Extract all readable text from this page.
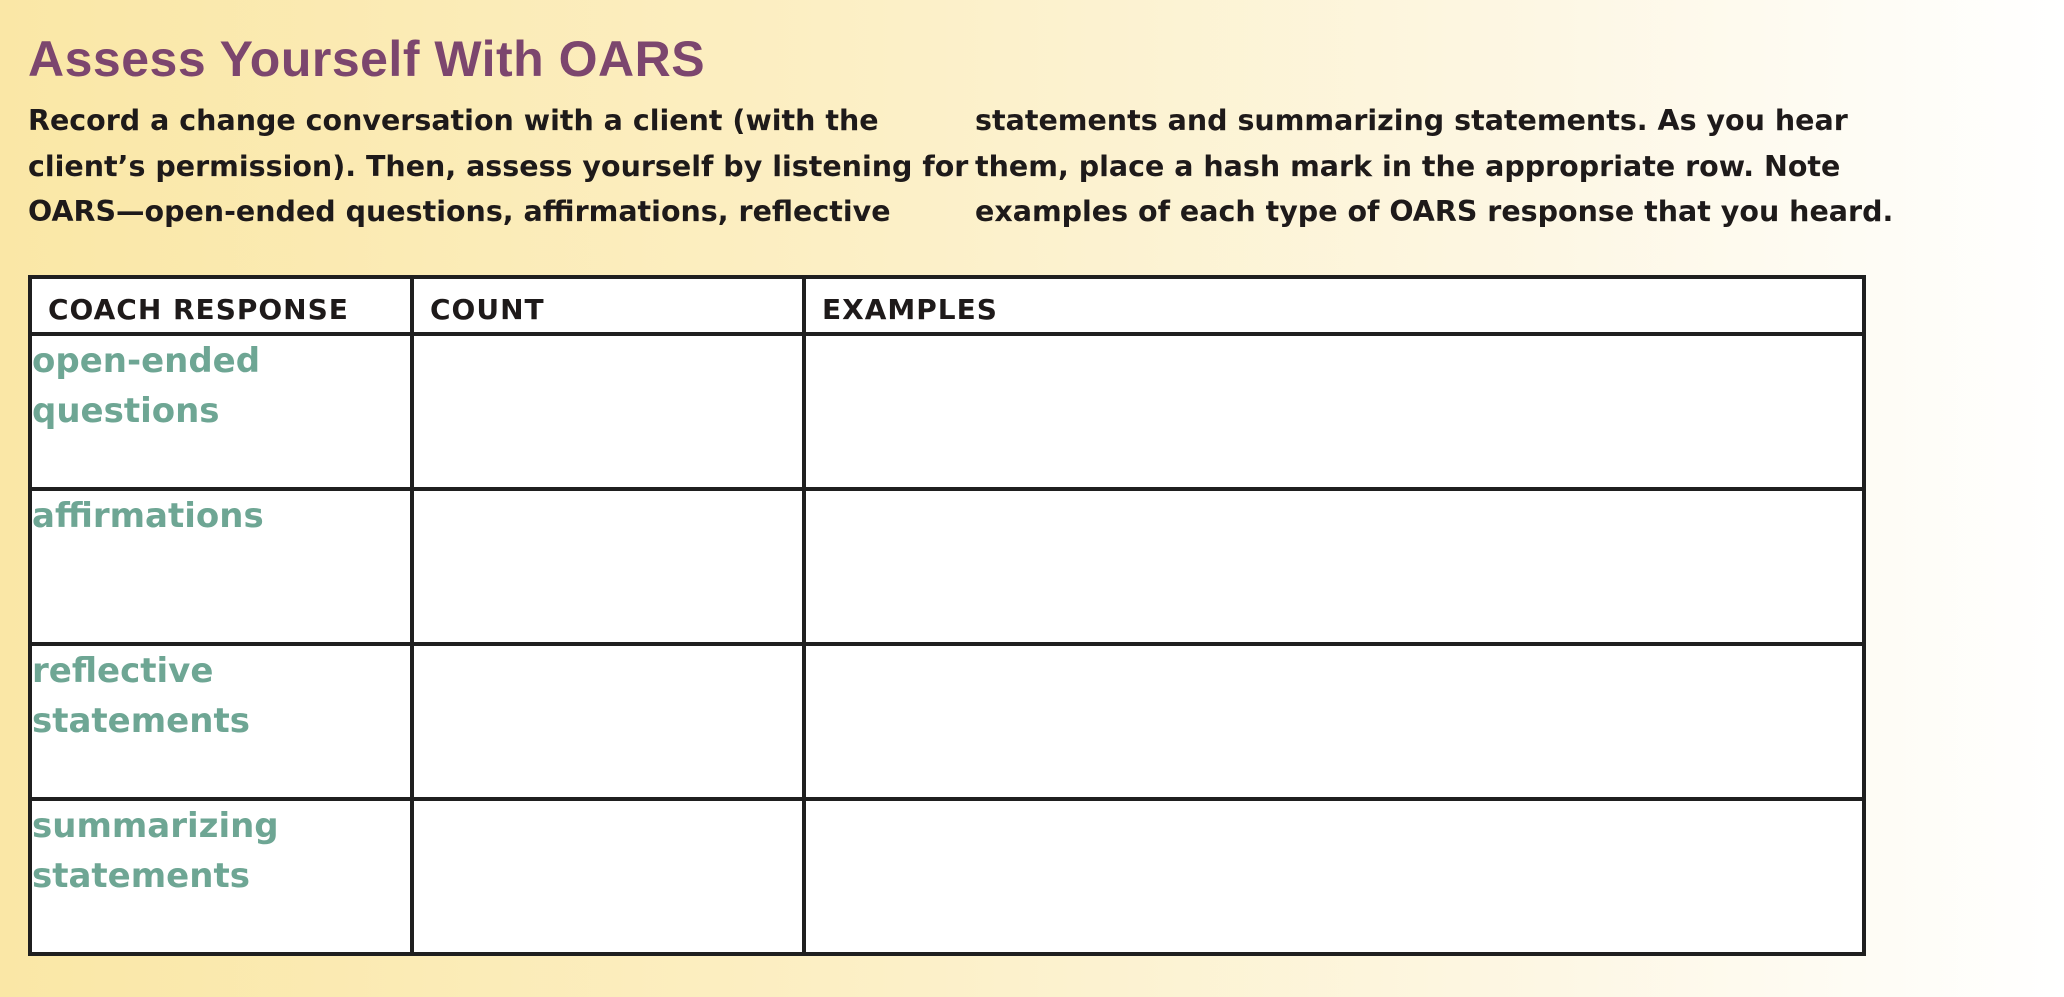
Assess Yourself With OARS

Record a change conversation with a client (with the
client’s permission). Then, assess yourself by listening for
OARS—open-ended questions, affirmations, reflective

statements and summarizing statements. As you hear
them, place a hash mark in the appropriate row. Note
examples of each type of OARS response that you heard.

COACH RESPONSE	COUNT	EXAMPLES

open-ended
questions		

affirmations		

reflective
statements		

summarizing
statements		
